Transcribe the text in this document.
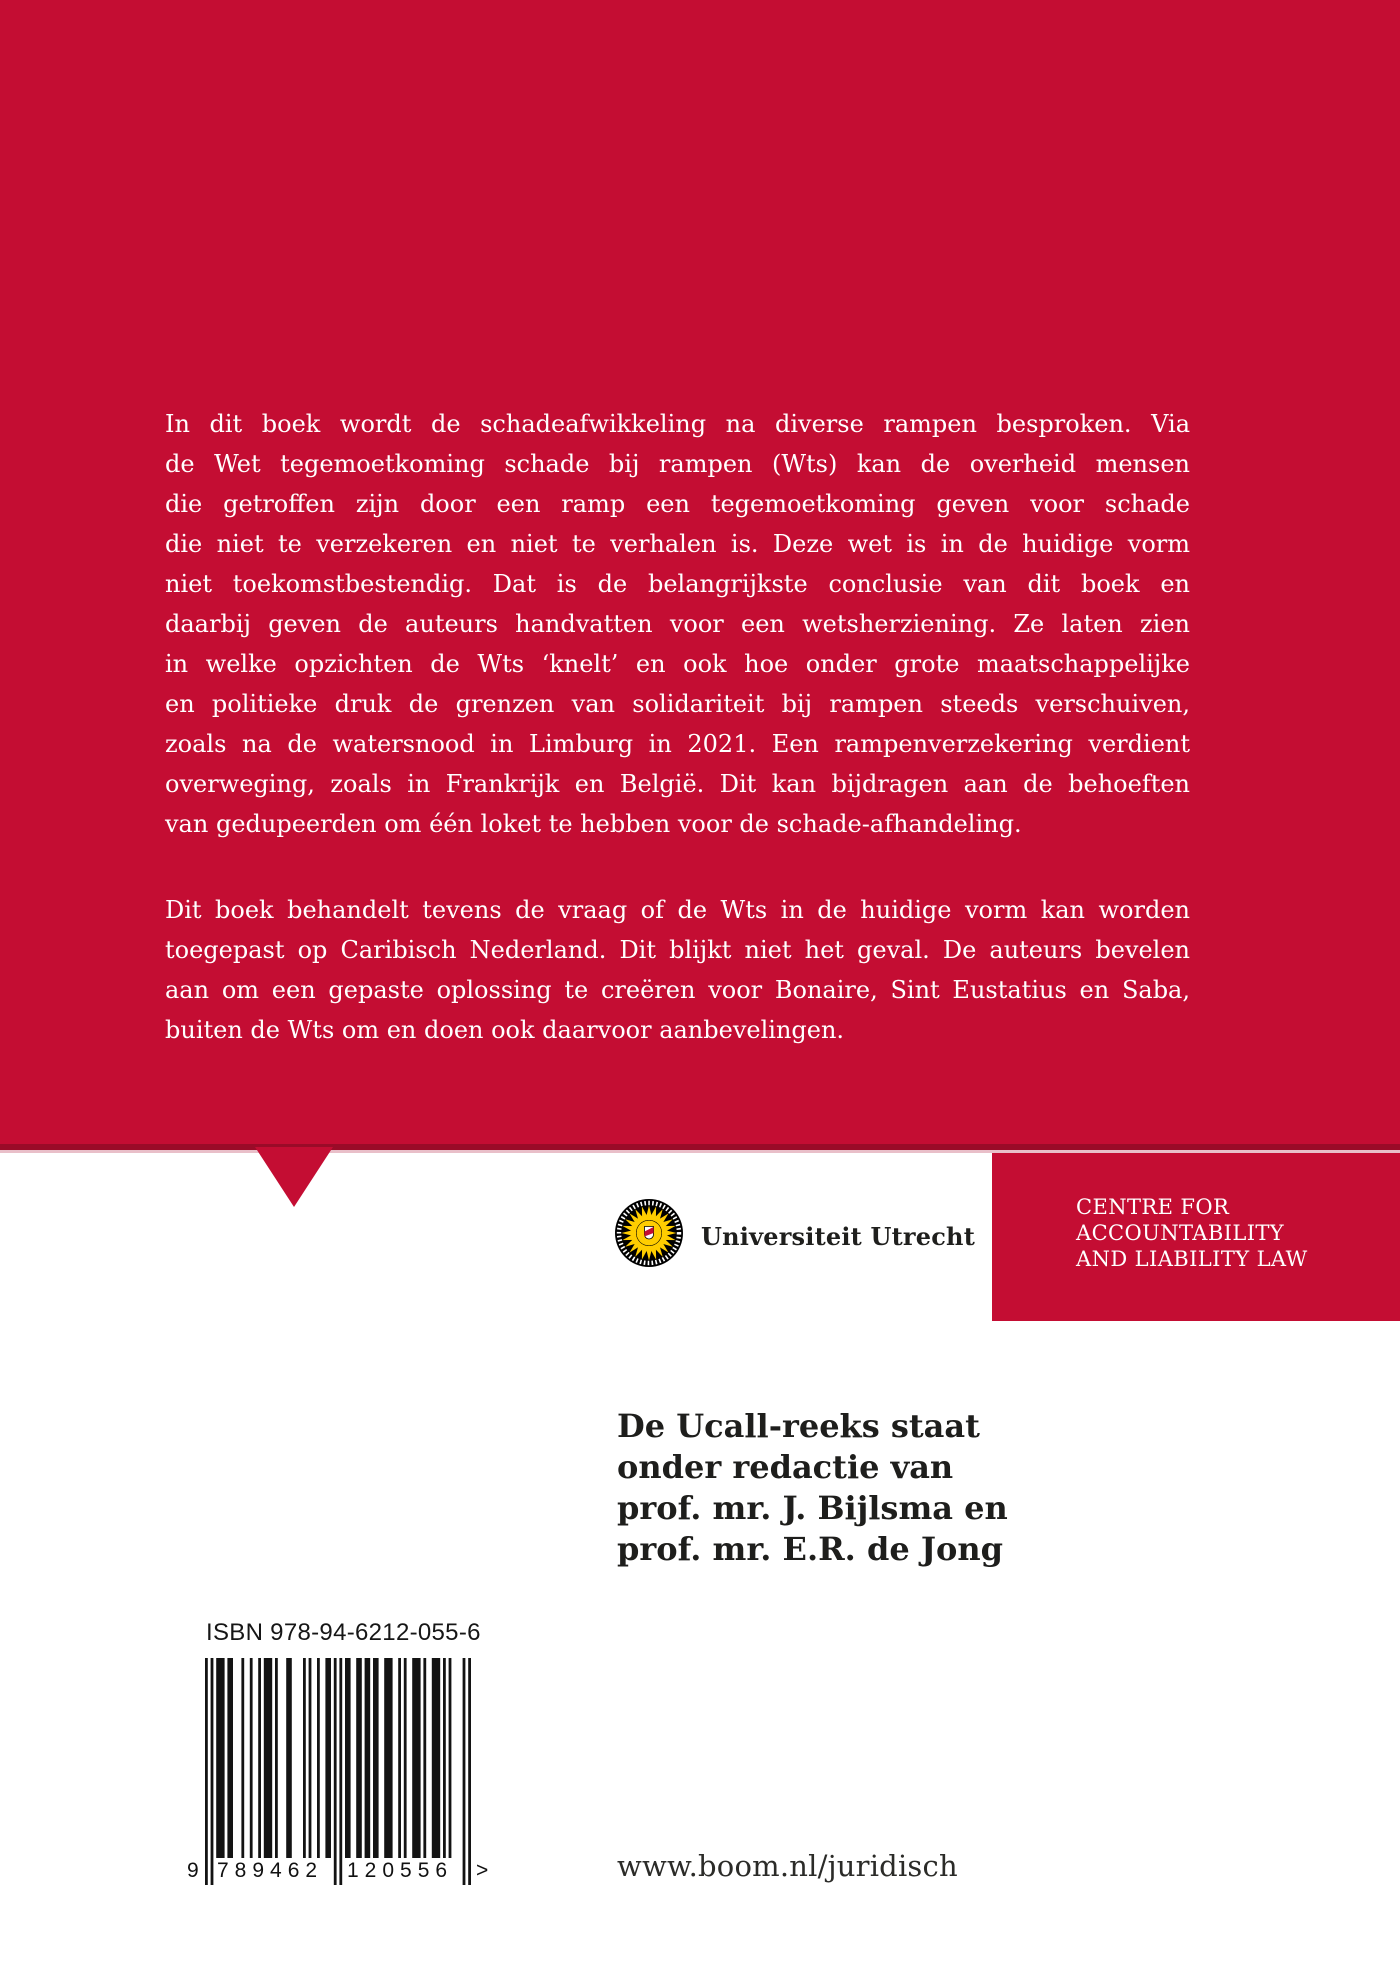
In dit boek wordt de schadeafwikkeling na diverse rampen besproken. Via
de Wet tegemoetkoming schade bij rampen (Wts) kan de overheid mensen
die getroffen zijn door een ramp een tegemoetkoming geven voor schade
die niet te verzekeren en niet te verhalen is. Deze wet is in de huidige vorm
niet toekomstbestendig. Dat is de belangrijkste conclusie van dit boek en
daarbij geven de auteurs handvatten voor een wetsherziening. Ze laten zien
in welke opzichten de Wts ‘knelt’ en ook hoe onder grote maatschappelijke
en politieke druk de grenzen van solidariteit bij rampen steeds verschuiven,
zoals na de watersnood in Limburg in 2021. Een rampenverzekering verdient
overweging, zoals in Frankrijk en België. Dit kan bijdragen aan de behoeften
van gedupeerden om één loket te hebben voor de schade-afhandeling.
Dit boek behandelt tevens de vraag of de Wts in de huidige vorm kan worden
toegepast op Caribisch Nederland. Dit blijkt niet het geval. De auteurs bevelen
aan om een gepaste oplossing te creëren voor Bonaire, Sint Eustatius en Saba,
buiten de Wts om en doen ook daarvoor aanbevelingen.
Universiteit Utrecht
CENTRE FOR
ACCOUNTABILITY
AND LIABILITY LAW
De Ucall-reeks staat
onder redactie van
prof. mr. J. Bijlsma en
prof. mr. E.R. de Jong
ISBN 978-94-6212-055-6
9 789462 120556 >	www.boom.nl/juridisch
